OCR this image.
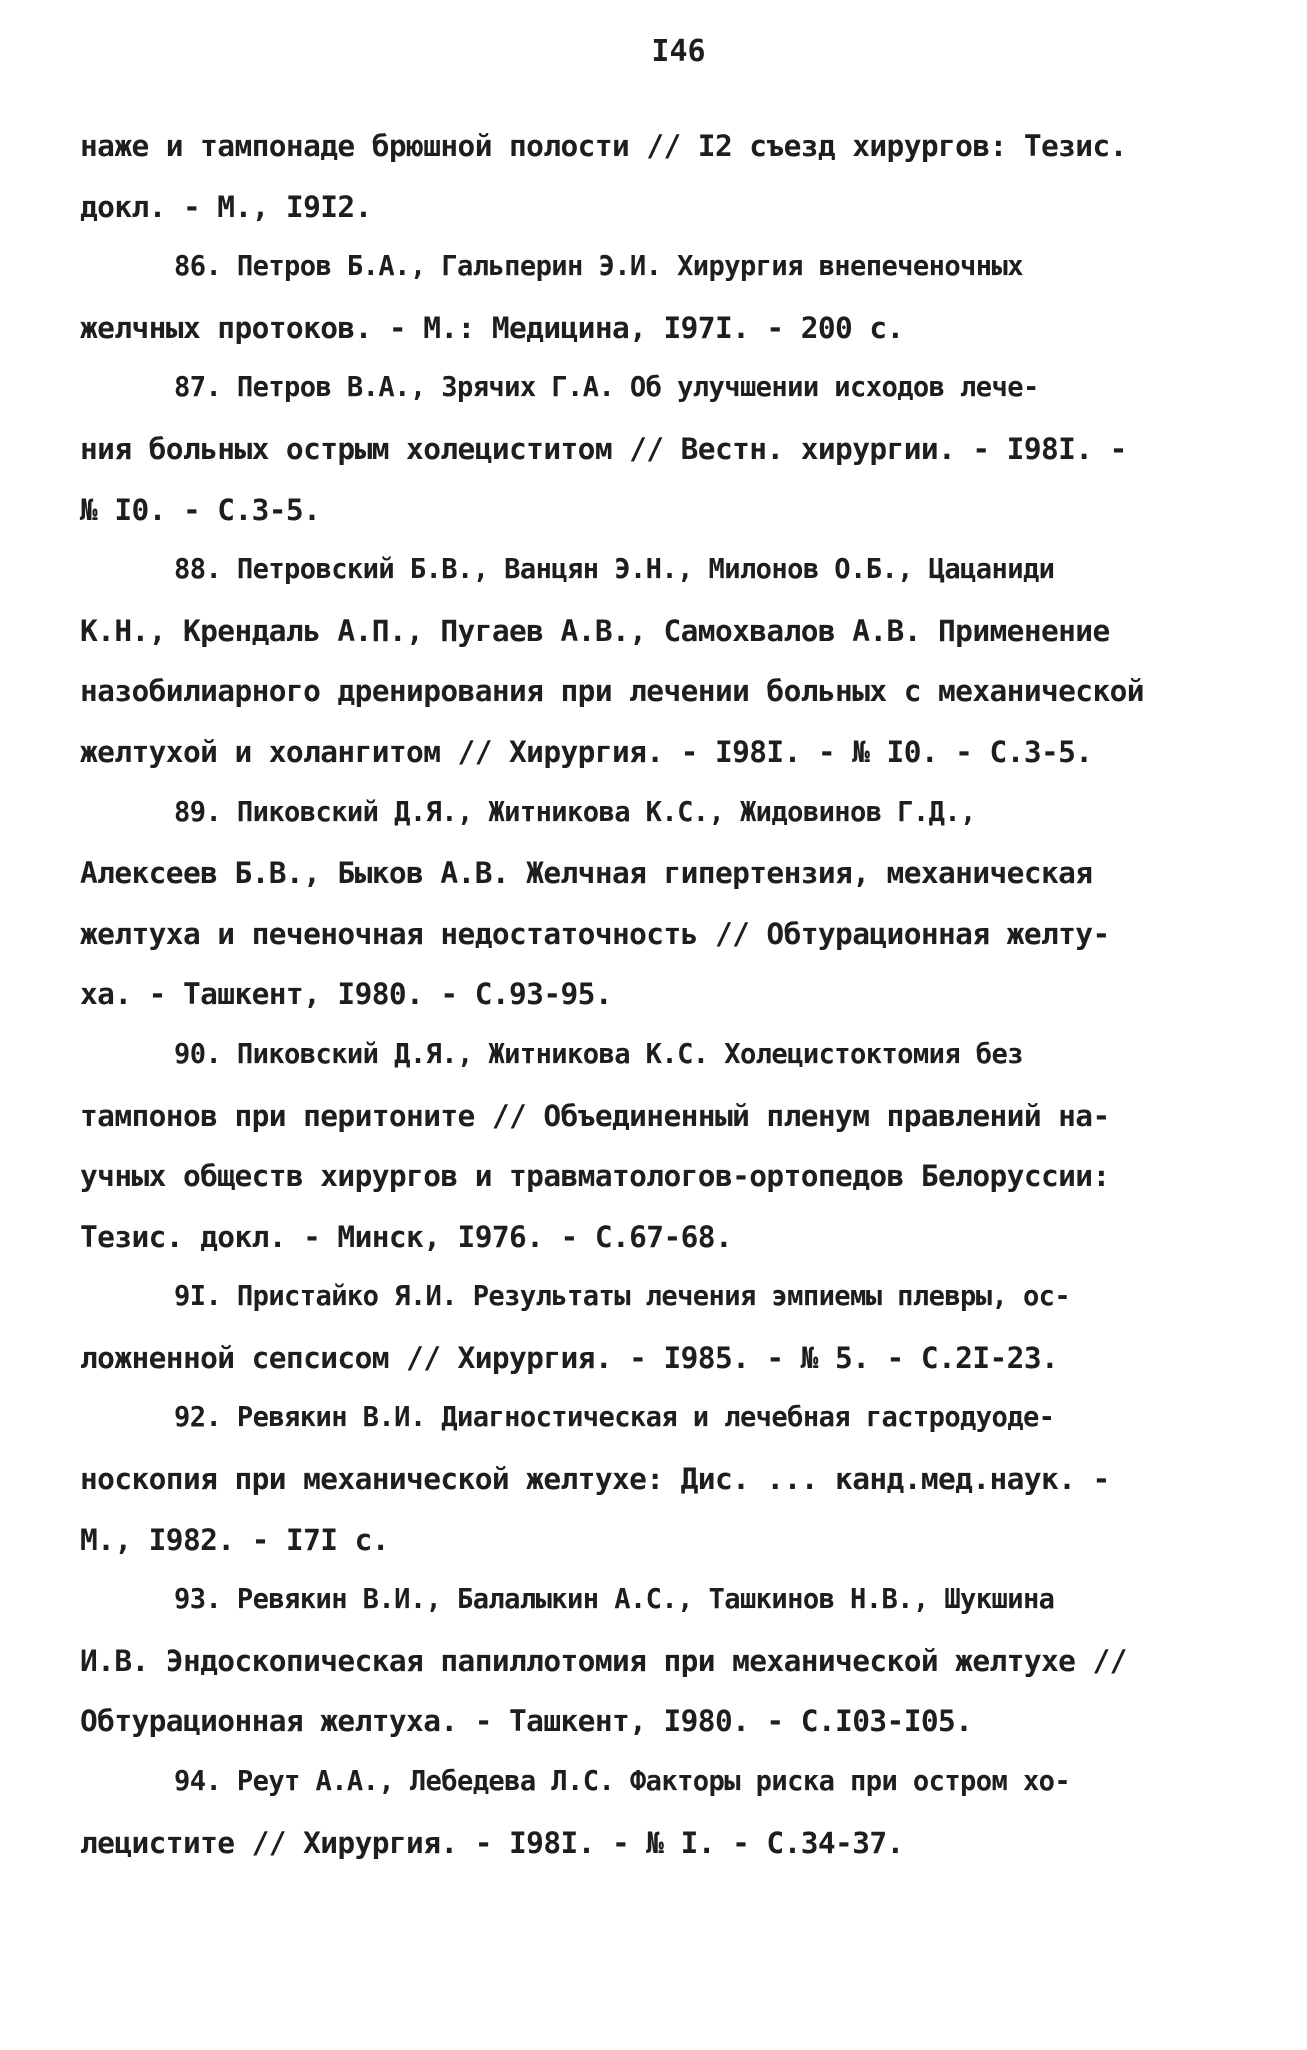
I46
наже и тампонаде брюшной полости // I2 съезд хирургов: Тезис.
докл. - М., I9I2.
86. Петров Б.А., Гальперин Э.И. Хирургия внепеченочных
желчных протоков. - М.: Медицина, I97I. - 200 с.
87. Петров В.А., Зрячих Г.А. Об улучшении исходов лече-
ния больных острым холециститом // Вестн. хирургии. - I98I. -
№ I0. - С.3-5.
88. Петровский Б.В., Ванцян Э.Н., Милонов О.Б., Цацаниди
К.Н., Крендаль А.П., Пугаев А.В., Самохвалов А.В. Применение
назобилиарного дренирования при лечении больных с механической
желтухой и холангитом // Хирургия. - I98I. - № I0. - С.3-5.
89. Пиковский Д.Я., Житникова К.С., Жидовинов Г.Д.,
Алексеев Б.В., Быков А.В. Желчная гипертензия, механическая
желтуха и печеночная недостаточность // Обтурационная желту-
ха. - Ташкент, I980. - С.93-95.
90. Пиковский Д.Я., Житникова К.С. Холецистоктомия без
тампонов при перитоните // Объединенный пленум правлений на-
учных обществ хирургов и травматологов-ортопедов Белоруссии:
Тезис. докл. - Минск, I976. - С.67-68.
9I. Пристайко Я.И. Результаты лечения эмпиемы плевры, ос-
ложненной сепсисом // Хирургия. - I985. - № 5. - С.2I-23.
92. Ревякин В.И. Диагностическая и лечебная гастродуоде-
носкопия при механической желтухе: Дис. ... канд.мед.наук. -
М., I982. - I7I с.
93. Ревякин В.И., Балалыкин А.С., Ташкинов Н.В., Шукшина
И.В. Эндоскопическая папиллотомия при механической желтухе //
Обтурационная желтуха. - Ташкент, I980. - С.I03-I05.
94. Реут А.А., Лебедева Л.С. Факторы риска при остром хо-
лецистите // Хирургия. - I98I. - № I. - С.34-37.
